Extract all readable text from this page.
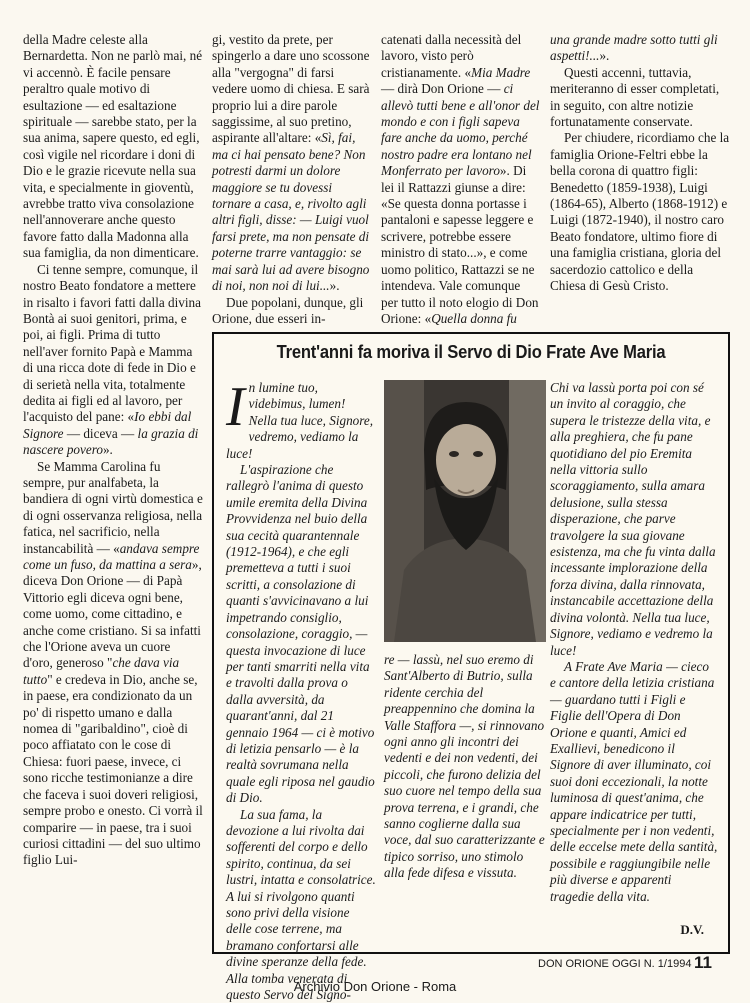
della Madre celeste alla Bernardetta. Non ne parlò mai, né vi accennò. È facile pensare peraltro quale motivo di esultazione — ed esaltazione spirituale — sarebbe stato, per la sua anima, sapere questo, ed egli, così vigile nel ricordare i doni di Dio e le grazie ricevute nella sua vita, e specialmente in gioventù, avrebbe tratto viva consolazione nell'annoverare anche questo favore fatto dalla Madonna alla sua famiglia, da non dimenticare.

Ci tenne sempre, comunque, il nostro Beato fondatore a mettere in risalto i favori fatti dalla divina Bontà ai suoi genitori, prima, e poi, ai figli. Prima di tutto nell'aver fornito Papà e Mamma di una ricca dote di fede in Dio e di serietà nella vita, totalmente dedita ai figli ed al lavoro, per l'acquisto del pane: «Io ebbi dal Signore — diceva — la grazia di nascere povero».

Se Mamma Carolina fu sempre, pur analfabeta, la bandiera di ogni virtù domestica e di ogni osservanza religiosa, nella fatica, nel sacrificio, nella instancabilità — «andava sempre come un fuso, da mattina a sera», diceva Don Orione — di Papà Vittorio egli diceva ogni bene, come uomo, come cittadino, e anche come cristiano. Si sa infatti che l'Orione aveva un cuore d'oro, generoso "che dava via tutto" e credeva in Dio, anche se, in paese, era condizionato da un po' di rispetto umano e dalla nomea di "garibaldino", cioè di poco affiatato con le cose di Chiesa: fuori paese, invece, ci sono ricche testimonianze a dire che faceva i suoi doveri religiosi, sempre probo e onesto. Ci vorrà il comparire — in paese, tra i suoi curiosi cittadini — del suo ultimo figlio Lui-

gi, vestito da prete, per spingerlo a dare uno scossone alla "vergogna" di farsi vedere uomo di chiesa. E sarà proprio lui a dire parole saggissime, al suo pretino, aspirante all'altare: «Sì, fai, ma ci hai pensato bene? Non potresti darmi un dolore maggiore se tu dovessi tornare a casa, e, rivolto agli altri figli, disse: — Luigi vuol farsi prete, ma non pensate di poterne trarre vantaggio: se mai sarà lui ad avere bisogno di noi, non noi di lui...».

Due popolani, dunque, gli Orione, due esseri in-

catenati dalla necessità del lavoro, visto però cristianamente. «Mia Madre — dirà Don Orione — ci allevò tutti bene e all'onor del mondo e con i figli sapeva fare anche da uomo, perché nostro padre era lontano nel Monferrato per lavoro». Di lei il Rattazzi giunse a dire: «Se questa donna portasse i pantaloni e sapesse leggere e scrivere, potrebbe essere ministro di stato...», e come uomo politico, Rattazzi se ne intendeva. Vale comunque per tutto il noto elogio di Don Orione: «Quella donna fu

una grande madre sotto tutti gli aspetti!...».

Questi accenni, tuttavia, meriteranno di esser completati, in seguito, con altre notizie fortunatamente conservate.

Per chiudere, ricordiamo che la famiglia Orione-Feltri ebbe la bella corona di quattro figli: Benedetto (1859-1938), Luigi (1864-65), Alberto (1868-1912) e Luigi (1872-1940), il nostro caro Beato fondatore, ultimo fiore di una famiglia cristiana, gloria del sacerdozio cattolico e della Chiesa di Gesù Cristo.

Trent'anni fa moriva il Servo di Dio Frate Ave Maria

In lumine tuo, videbimus, lumen! Nella tua luce, Signore, vedremo, vediamo la luce!

L'aspirazione che rallegrò l'anima di questo umile eremita della Divina Provvidenza nel buio della sua cecità quarantennale (1912-1964), e che egli premetteva a tutti i suoi scritti, a consolazione di quanti s'avvicinavano a lui impetrando consiglio, consolazione, coraggio, — questa invocazione di luce per tanti smarriti nella vita e travolti dalla prova o dalla avversità, da quarant'anni, dal 21 gennaio 1964 — ci è motivo di letizia pensarlo — è la realtà sovrumana nella quale egli riposa nel gaudio di Dio.

La sua fama, la devozione a lui rivolta dai sofferenti del corpo e dello spirito, continua, da sei lustri, intatta e consolatrice. A lui si rivolgono quanti sono privi della visione delle cose terrene, ma bramano confortarsi alle divine speranze della fede. Alla tomba venerata di questo Servo del Signo-

re — lassù, nel suo eremo di Sant'Alberto di Butrio, sulla ridente cerchia del preappennino che domina la Valle Staffora —, si rinnovano ogni anno gli incontri dei vedenti e dei non vedenti, dei piccoli, che furono delizia del suo cuore nel tempo della sua prova terrena, e i grandi, che sanno coglierne dalla sua voce, dal suo caratterizzante e tipico sorriso, uno stimolo alla fede difesa e vissuta.

Chi va lassù porta poi con sé un invito al coraggio, che supera le tristezze della vita, e alla preghiera, che fu pane quotidiano del pio Eremita nella vittoria sullo scoraggiamento, sulla amara delusione, sulla stessa disperazione, che parve travolgere la sua giovane esistenza, ma che fu vinta dalla incessante implorazione della forza divina, dalla rinnovata, instancabile accettazione della divina volontà. Nella tua luce, Signore, vediamo e vedremo la luce!

A Frate Ave Maria — cieco e cantore della letizia cristiana — guardano tutti i Figli e Figlie dell'Opera di Don Orione e quanti, Amici ed Exallievi, benedicono il Signore di aver illuminato, coi suoi doni eccezionali, la notte luminosa di quest'anima, che appare indicatrice per tutti, specialmente per i non vedenti, delle eccelse mete della santità, possibile e raggiungibile nelle più diverse e apparenti tragedie della vita.

D.V.
DON ORIONE OGGI N. 1/1994 11
Archivio Don Orione - Roma
